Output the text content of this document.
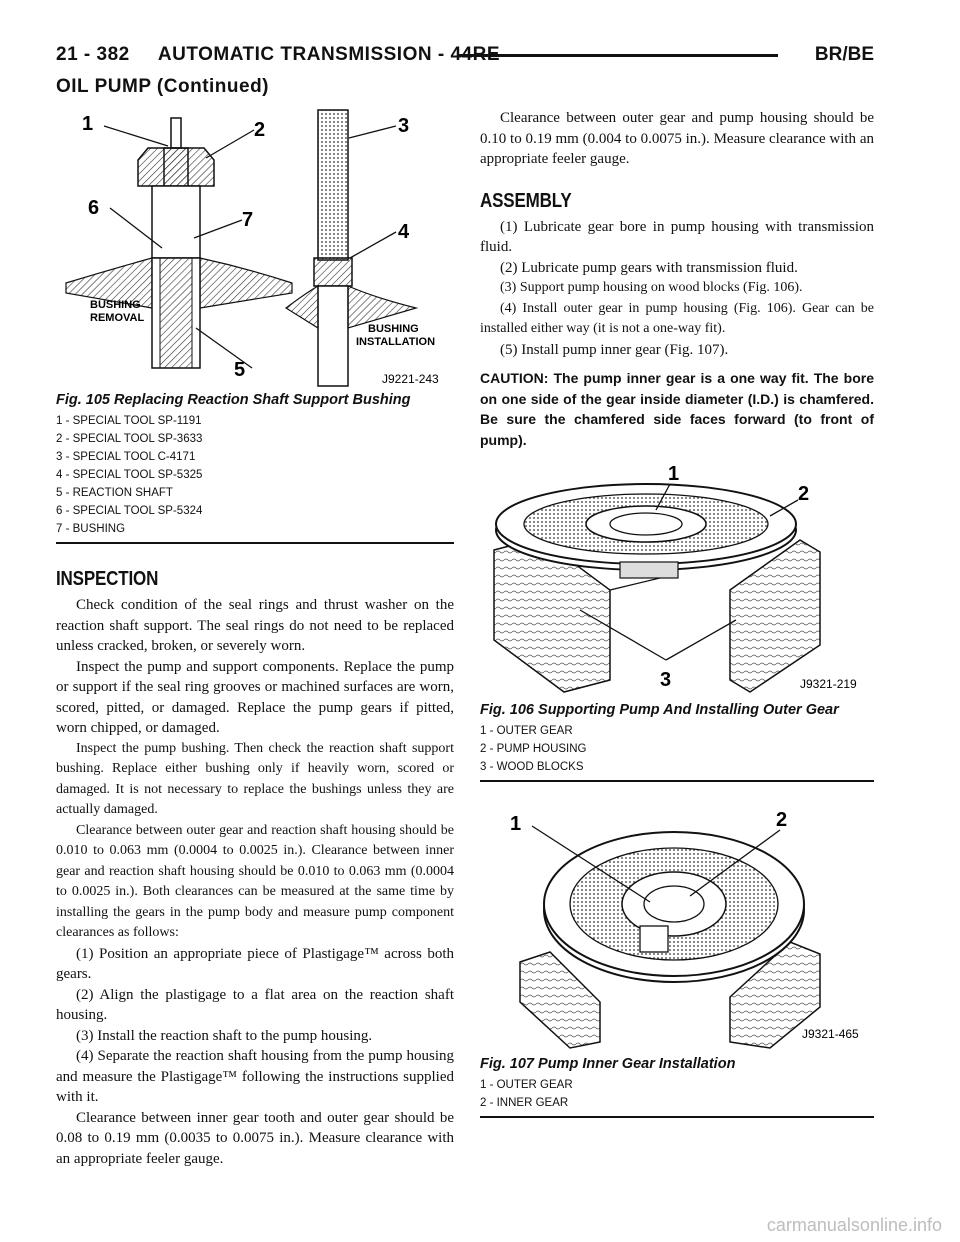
21 - 382     AUTOMATIC TRANSMISSION - 44RE	BR/BE
OIL PUMP (Continued)
1	2	3
4
5
6
7
BUSHING
REMOVAL
BUSHING
INSTALLATION
J9221-243
Fig. 105 Replacing Reaction Shaft Support Bushing
1 - SPECIAL TOOL SP-1191
2 - SPECIAL TOOL SP-3633
3 - SPECIAL TOOL C-4171
4 - SPECIAL TOOL SP-5325
5 - REACTION SHAFT
6 - SPECIAL TOOL SP-5324
7 - BUSHING
INSPECTION

Check condition of the seal rings and thrust washer on the reaction shaft support. The seal rings do not need to be replaced unless cracked, broken, or severely worn.

Inspect the pump and support components. Replace the pump or support if the seal ring grooves or machined surfaces are worn, scored, pitted, or damaged. Replace the pump gears if pitted, worn chipped, or damaged.

Inspect the pump bushing. Then check the reaction shaft support bushing. Replace either bushing only if heavily worn, scored or damaged. It is not necessary to replace the bushings unless they are actually damaged.

Clearance between outer gear and reaction shaft housing should be 0.010 to 0.063 mm (0.0004 to 0.0025 in.). Clearance between inner gear and reaction shaft housing should be 0.010 to 0.063 mm (0.0004 to 0.0025 in.). Both clearances can be measured at the same time by installing the gears in the pump body and measure pump component clearances as follows:

(1) Position an appropriate piece of Plastigage™ across both gears.

(2) Align the plastigage to a flat area on the reaction shaft housing.

(3) Install the reaction shaft to the pump housing.

(4) Separate the reaction shaft housing from the pump housing and measure the Plastigage™ following the instructions supplied with it.

Clearance between inner gear tooth and outer gear should be 0.08 to 0.19 mm (0.0035 to 0.0075 in.). Measure clearance with an appropriate feeler gauge.

Clearance between outer gear and pump housing should be 0.10 to 0.19 mm (0.004 to 0.0075 in.). Measure clearance with an appropriate feeler gauge.

ASSEMBLY

(1) Lubricate gear bore in pump housing with transmission fluid.

(2) Lubricate pump gears with transmission fluid.

(3) Support pump housing on wood blocks (Fig. 106).

(4) Install outer gear in pump housing (Fig. 106). Gear can be installed either way (it is not a one-way fit).

(5) Install pump inner gear (Fig. 107).

CAUTION: The pump inner gear is a one way fit. The bore on one side of the gear inside diameter (I.D.) is chamfered. Be sure the chamfered side faces forward (to front of pump).
1
2
3	J9321-219
Fig. 106 Supporting Pump And Installing Outer Gear
1 - OUTER GEAR
2 - PUMP HOUSING
3 - WOOD BLOCKS
1	2
J9321-465
Fig. 107 Pump Inner Gear Installation
1 - OUTER GEAR
2 - INNER GEAR
carmanualsonline.info
